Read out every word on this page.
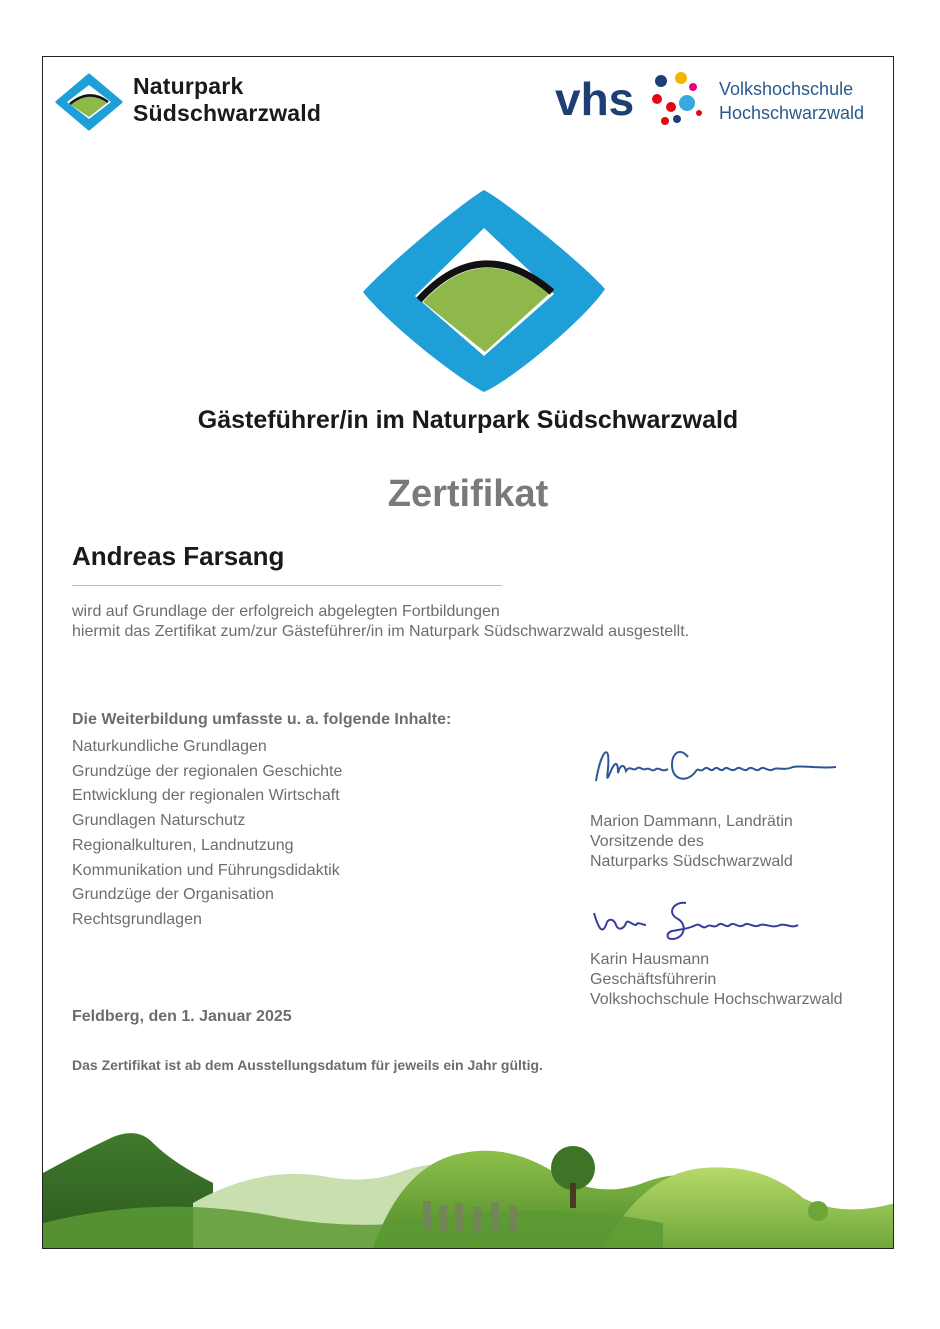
Naturpark
Südschwarzwald	vhs	Volkshochschule
Hochschwarzwald
Gästeführer/in im Naturpark Südschwarzwald
Zertifikat
Andreas Farsang
wird auf Grundlage der erfolgreich abgelegten Fortbildungen
hiermit das Zertifikat zum/zur Gästeführer/in im Naturpark Südschwarzwald ausgestellt.
Die Weiterbildung umfasste u. a. folgende Inhalte:
Naturkundliche Grundlagen
Grundzüge der regionalen Geschichte
Entwicklung der regionalen Wirtschaft
Grundlagen Naturschutz
Regionalkulturen, Landnutzung
Kommunikation und Führungsdidaktik
Grundzüge der Organisation
Rechtsgrundlagen
Marion Dammann, Landrätin
Vorsitzende des
Naturparks Südschwarzwald
Karin Hausmann
Geschäftsführerin
Volkshochschule Hochschwarzwald
Feldberg, den 1. Januar 2025
Das Zertifikat ist ab dem Ausstellungsdatum für jeweils ein Jahr gültig.
